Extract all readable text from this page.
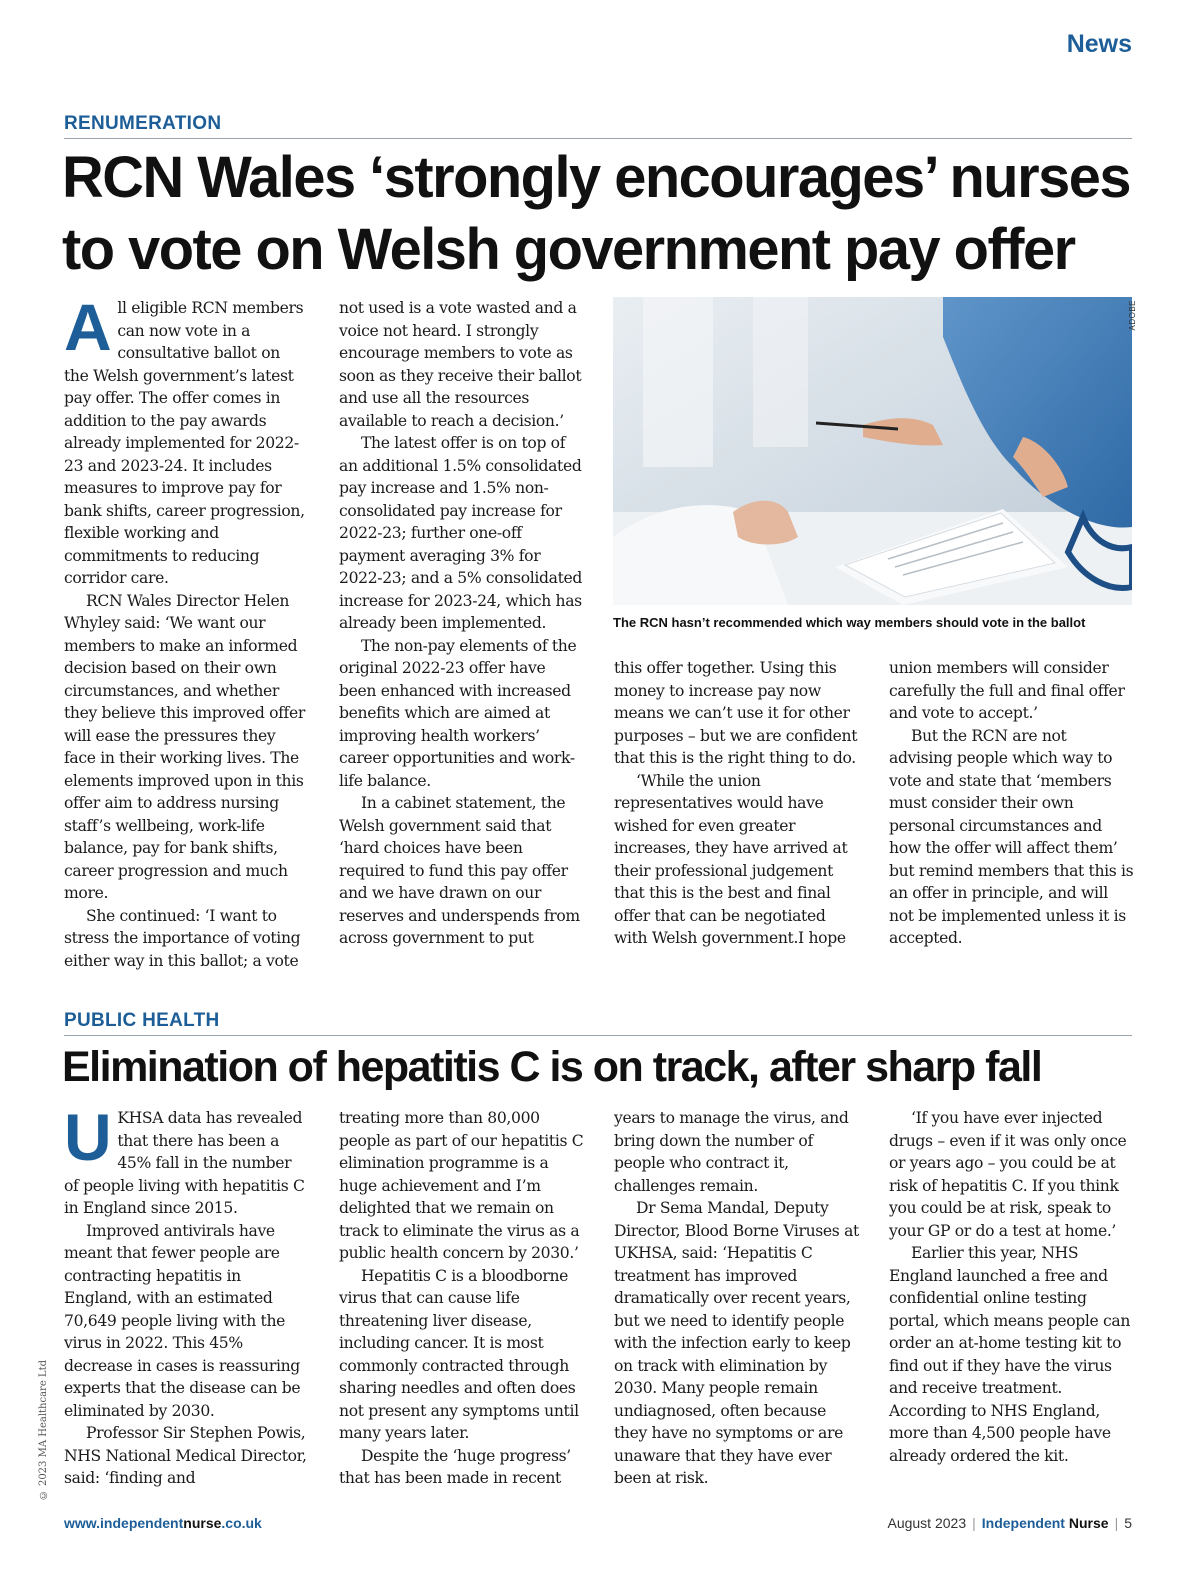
News
RENUMERATION
RCN Wales ‘strongly encourages’ nurses
to vote on Welsh government pay offer
A ll eligible RCN members can now vote in a consultative ballot on the Welsh government’s latest pay offer. The offer comes in addition to the pay awards already implemented for 2022-23 and 2023-24. It includes measures to improve pay for bank shifts, career progression, flexible working and commitments to reducing corridor care.

RCN Wales Director Helen Whyley said: ‘We want our members to make an informed decision based on their own circumstances, and whether they believe this improved offer will ease the pressures they face in their working lives. The elements improved upon in this offer aim to address nursing staff’s wellbeing, work-life balance, pay for bank shifts, career progression and much more.

She continued: ‘I want to stress the importance of voting either way in this ballot; a vote

not used is a vote wasted and a voice not heard. I strongly encourage members to vote as soon as they receive their ballot and use all the resources available to reach a decision.’

The latest offer is on top of an additional 1.5% consolidated pay increase and 1.5% non-consolidated pay increase for 2022-23; further one-off payment averaging 3% for 2022-23; and a 5% consolidated increase for 2023-24, which has already been implemented.

The non-pay elements of the original 2022-23 offer have been enhanced with increased benefits which are aimed at improving health workers’ career opportunities and work-life balance.

In a cabinet statement, the Welsh government said that ‘hard choices have been required to fund this pay offer and we have drawn on our reserves and underspends from across government to put

ADOBE
The RCN hasn’t recommended which way members should vote in the ballot

this offer together. Using this money to increase pay now means we can’t use it for other purposes – but we are confident that this is the right thing to do.

‘While the union representatives would have wished for even greater increases, they have arrived at their professional judgement that this is the best and final offer that can be negotiated with Welsh government.I hope

union members will consider carefully the full and final offer and vote to accept.’

But the RCN are not advising people which way to vote and state that ‘members must consider their own personal circumstances and how the offer will affect them’ but remind members that this is an offer in principle, and will not be implemented unless it is accepted.

PUBLIC HEALTH
Elimination of hepatitis C is on track, after sharp fall
U KHSA data has revealed that there has been a 45% fall in the number of people living with hepatitis C in England since 2015.

Improved antivirals have meant that fewer people are contracting hepatitis in England, with an estimated 70,649 people living with the virus in 2022. This 45% decrease in cases is reassuring experts that the disease can be eliminated by 2030.

Professor Sir Stephen Powis, NHS National Medical Director, said: ‘finding and

treating more than 80,000 people as part of our hepatitis C elimination programme is a huge achievement and I’m delighted that we remain on track to eliminate the virus as a public health concern by 2030.’

Hepatitis C is a bloodborne virus that can cause life threatening liver disease, including cancer. It is most commonly contracted through sharing needles and often does not present any symptoms until many years later.

Despite the ‘huge progress’ that has been made in recent

years to manage the virus, and bring down the number of people who contract it, challenges remain.

Dr Sema Mandal, Deputy Director, Blood Borne Viruses at UKHSA, said: ‘Hepatitis C treatment has improved dramatically over recent years, but we need to identify people with the infection early to keep on track with elimination by 2030. Many people remain undiagnosed, often because they have no symptoms or are unaware that they have ever been at risk.

‘If you have ever injected drugs – even if it was only once or years ago – you could be at risk of hepatitis C. If you think you could be at risk, speak to your GP or do a test at home.’

Earlier this year, NHS England launched a free and confidential online testing portal, which means people can order an at-home testing kit to find out if they have the virus and receive treatment. According to NHS England, more than 4,500 people have already ordered the kit.

© 2023 MA Healthcare Ltd
www.independentnurse.co.uk	August 2023 | Independent Nurse | 5
